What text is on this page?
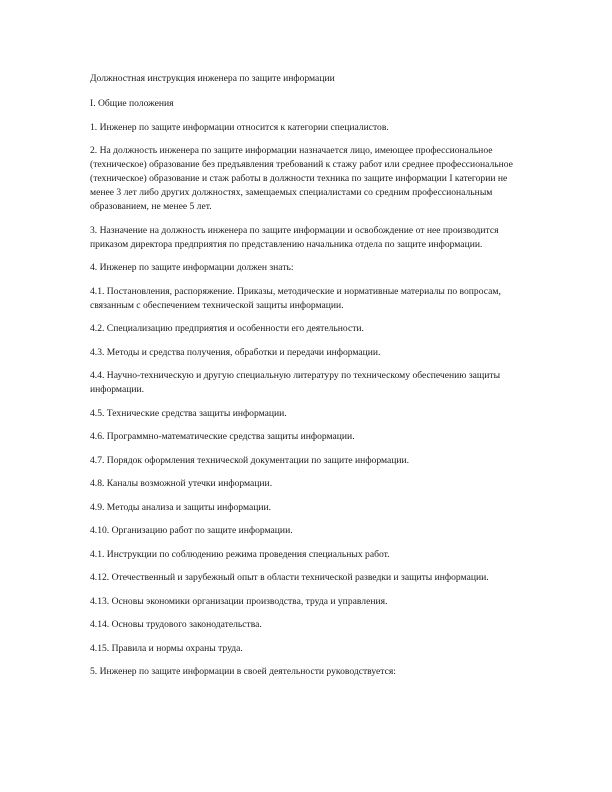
Должностная инструкция инженера по защите информации

I. Общие положения

1. Инженер по защите информации относится к категории специалистов.

2. На должность инженера по защите информации назначается лицо, имеющее профессиональное (техническое) образование без предъявления требований к стажу работ или среднее профессиональное (техническое) образование и стаж работы в должности техника по защите информации I категории не менее 3 лет либо других должностях, замещаемых специалистами со средним профессиональным образованием, не менее 5 лет.

3. Назначение на должность инженера по защите информации и освобождение от нее производится приказом директора предприятия по представлению начальника отдела по защите информации.

4. Инженер по защите информации должен знать:

4.1. Постановления, распоряжение. Приказы, методические и нормативные материалы по вопросам, связанным с обеспечением технической защиты информации.

4.2. Специализацию предприятия и особенности его деятельности.

4.3. Методы и средства получения, обработки и передачи информации.

4.4. Научно-техническую и другую специальную литературу по техническому обеспечению защиты информации.

4.5. Технические средства защиты информации.

4.6. Программно-математические средства защиты информации.

4.7. Порядок оформления технической документации по защите информации.

4.8. Каналы возможной утечки информации.

4.9. Методы анализа и защиты информации.

4.10. Организацию работ по защите информации.

4.1. Инструкции по соблюдению режима проведения специальных работ.

4.12. Отечественный и зарубежный опыт в области технической разведки и защиты информации.

4.13. Основы экономики организации производства, труда и управления.

4.14. Основы трудового законодательства.

4.15. Правила и нормы охраны труда.

5. Инженер по защите информации в своей деятельности руководствуется:
